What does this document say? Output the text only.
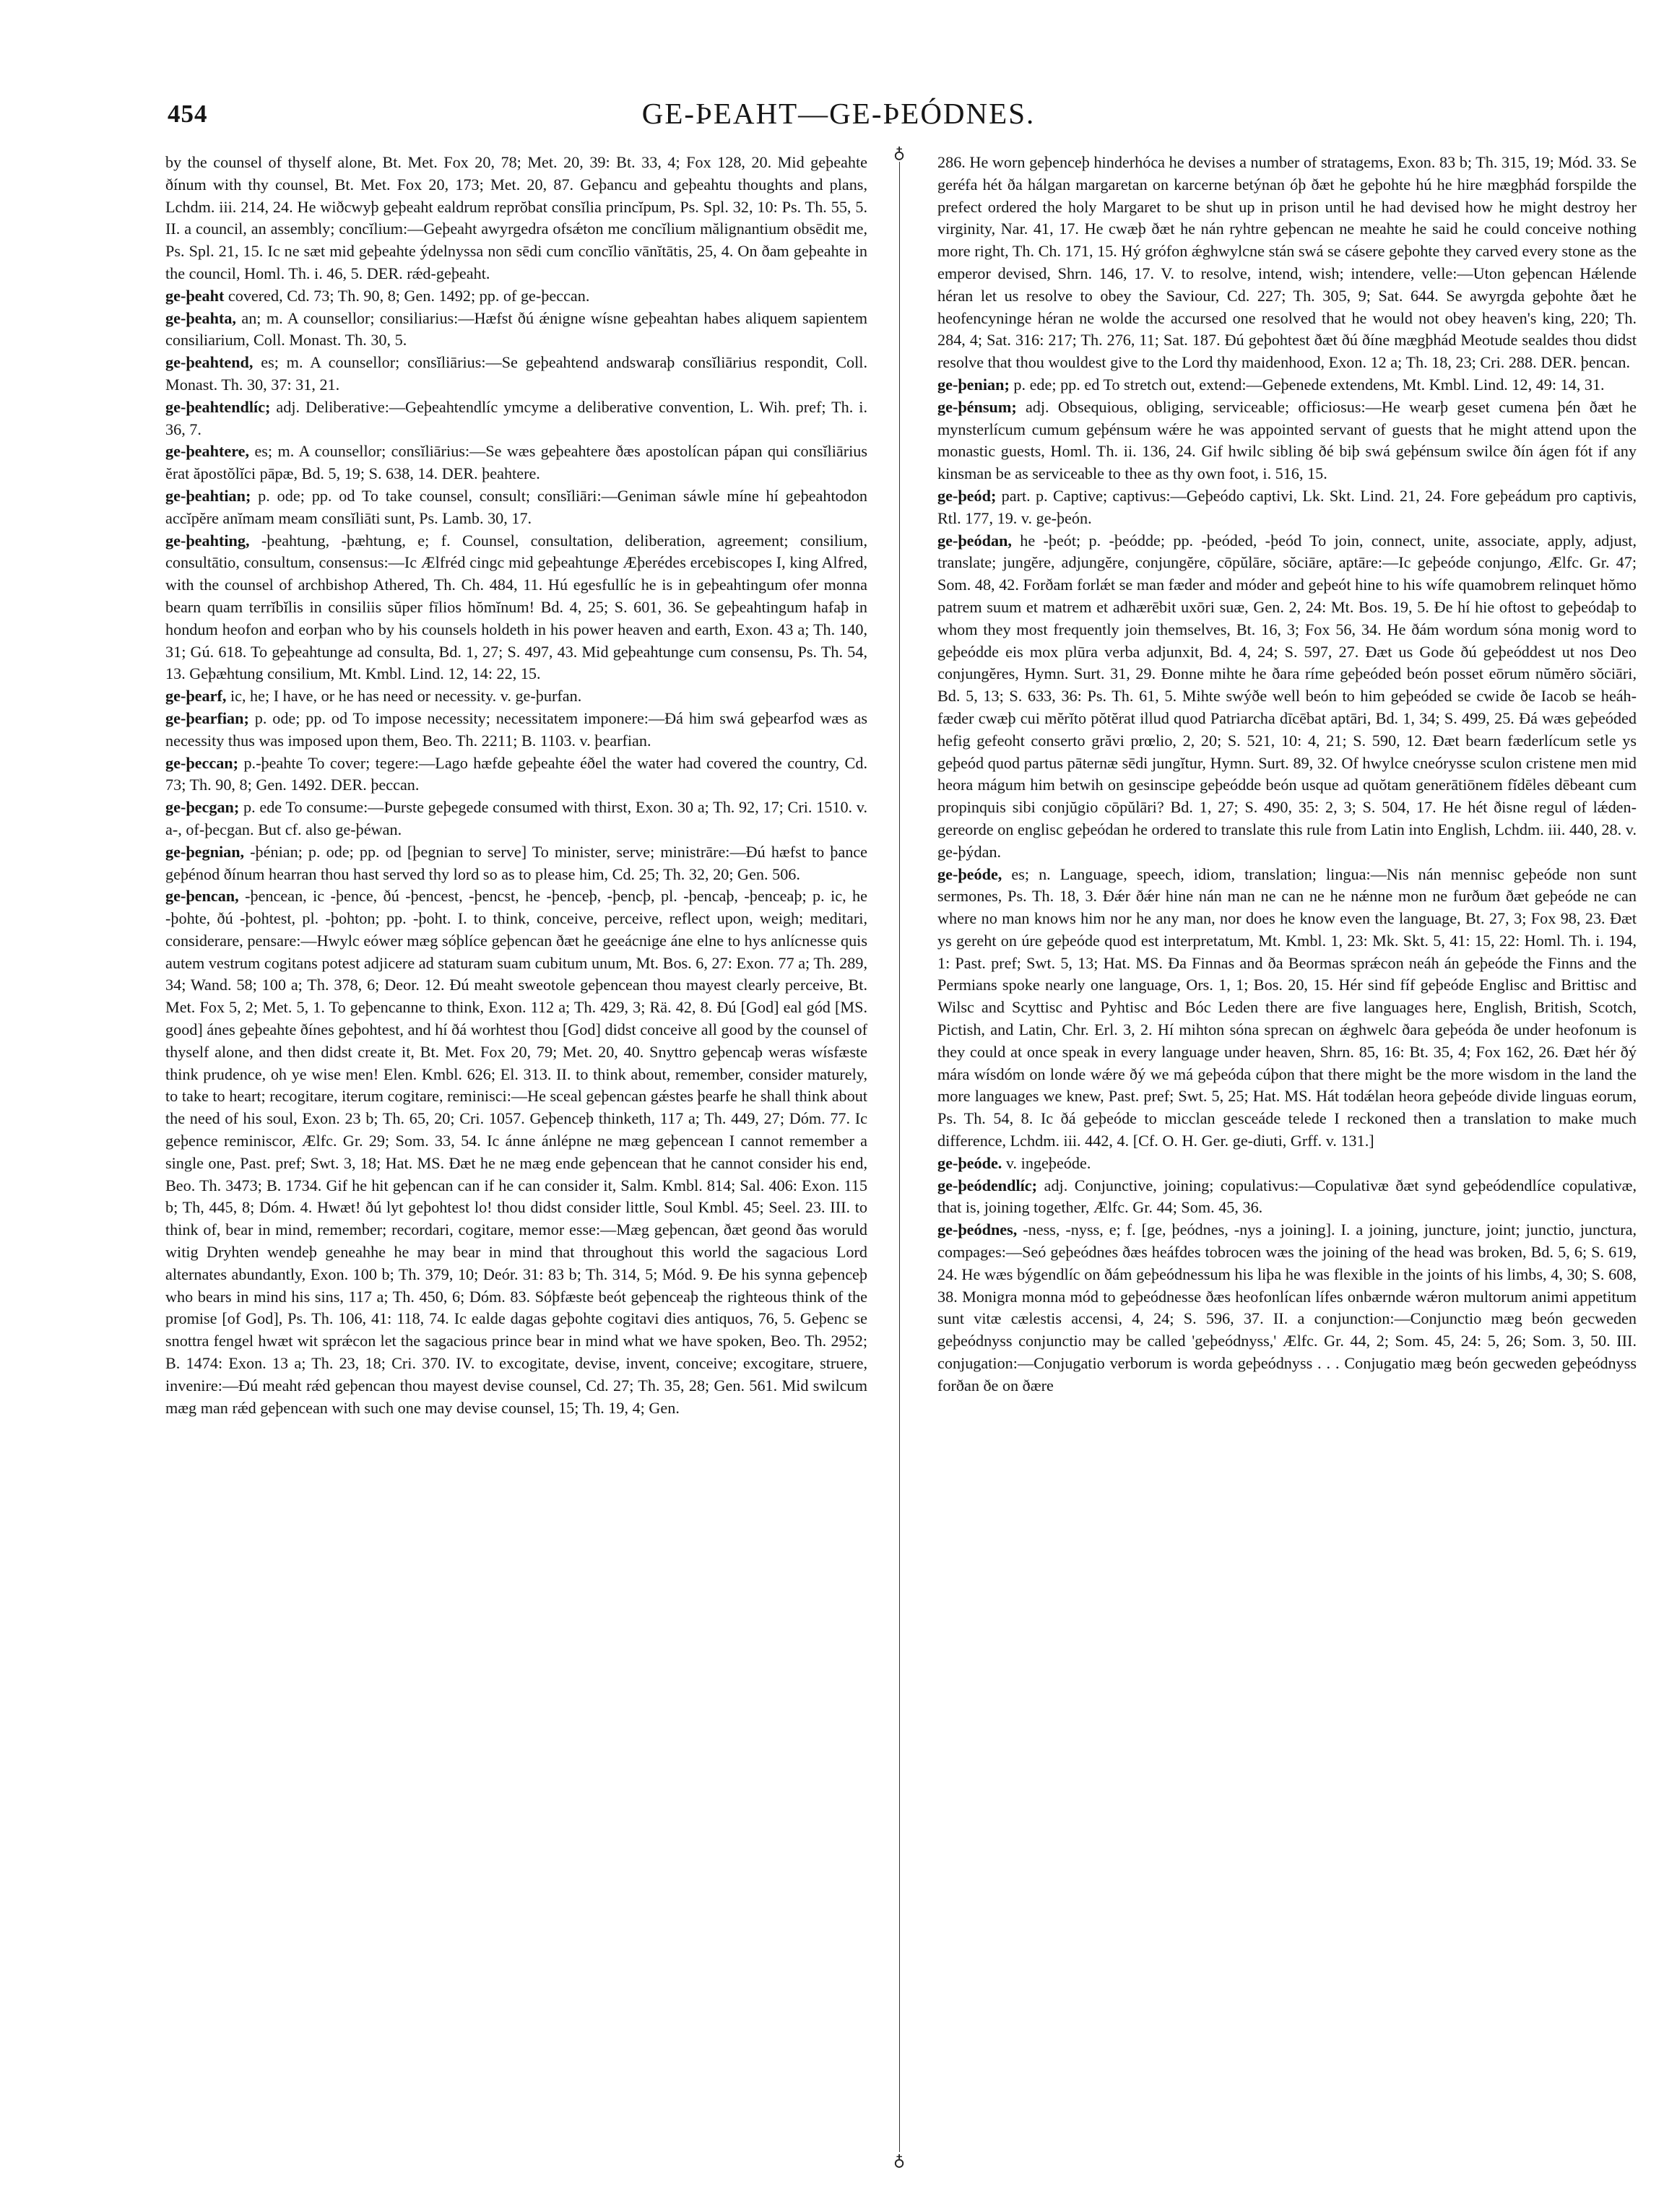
454	GE-ÞEAHT—GE-ÞEÓDNES.
♁
♁

by the counsel of thyself alone, Bt. Met. Fox 20, 78; Met. 20, 39: Bt. 33, 4; Fox 128, 20. Mid geþeahte ðínum with thy counsel, Bt. Met. Fox 20, 173; Met. 20, 87. Geþancu and geþeahtu thoughts and plans, Lchdm. iii. 214, 24. He wiðcwyþ geþeaht ealdrum reprŏbat consĭlia princĭpum, Ps. Spl. 32, 10: Ps. Th. 55, 5. II. a council, an assembly; concĭlium:—Geþeaht awyrgedra ofsǽton me concĭlium mălignantium obsēdit me, Ps. Spl. 21, 15. Ic ne sæt mid geþeahte ýdelnyssa non sēdi cum concĭlio vānĭtātis, 25, 4. On ðam geþeahte in the council, Homl. Th. i. 46, 5. DER. rǽd-geþeaht.

ge-þeaht covered, Cd. 73; Th. 90, 8; Gen. 1492; pp. of ge-þeccan.

ge-þeahta, an; m. A counsellor; consiliarius:—Hæfst ðú ǽnigne wísne geþeahtan habes aliquem sapientem consiliarium, Coll. Monast. Th. 30, 5.

ge-þeahtend, es; m. A counsellor; consĭliārius:—Se geþeahtend andswaraþ consĭliārius respondit, Coll. Monast. Th. 30, 37: 31, 21.

ge-þeahtendlíc; adj. Deliberative:—Geþeahtendlíc ymcyme a deliberative convention, L. Wih. pref; Th. i. 36, 7.

ge-þeahtere, es; m. A counsellor; consĭliārius:—Se wæs geþeahtere ðæs apostolícan pápan qui consĭliārius ĕrat ăpostŏlĭci pāpæ, Bd. 5, 19; S. 638, 14. DER. þeahtere.

ge-þeahtian; p. ode; pp. od To take counsel, consult; consĭliāri:—Geniman sáwle míne hí geþeahtodon accĭpĕre anĭmam meam consĭliāti sunt, Ps. Lamb. 30, 17.

ge-þeahting, -þeahtung, -þæhtung, e; f. Counsel, consultation, deliberation, agreement; consilium, consultātio, consultum, consensus:—Ic Ælfréd cingc mid geþeahtunge Æþerédes ercebiscopes I, king Alfred, with the counsel of archbishop Athered, Th. Ch. 484, 11. Hú egesfullíc he is in geþeahtingum ofer monna bearn quam terrĭbĭlis in consiliis sŭper fīlios hŏmĭnum! Bd. 4, 25; S. 601, 36. Se geþeahtingum hafaþ in hondum heofon and eorþan who by his counsels holdeth in his power heaven and earth, Exon. 43 a; Th. 140, 31; Gú. 618. To geþeahtunge ad consulta, Bd. 1, 27; S. 497, 43. Mid geþeahtunge cum consensu, Ps. Th. 54, 13. Geþæhtung consilium, Mt. Kmbl. Lind. 12, 14: 22, 15.

ge-þearf, ic, he; I have, or he has need or necessity. v. ge-þurfan.

ge-þearfian; p. ode; pp. od To impose necessity; necessitatem imponere:—Ðá him swá geþearfod wæs as necessity thus was imposed upon them, Beo. Th. 2211; B. 1103. v. þearfian.

ge-þeccan; p.-þeahte To cover; tegere:—Lago hæfde geþeahte éðel the water had covered the country, Cd. 73; Th. 90, 8; Gen. 1492. DER. þeccan.

ge-þecgan; p. ede To consume:—Þurste geþegede consumed with thirst, Exon. 30 a; Th. 92, 17; Cri. 1510. v. a-, of-þecgan. But cf. also ge-þéwan.

ge-þegnian, -þénian; p. ode; pp. od [þegnian to serve] To minister, serve; ministrāre:—Ðú hæfst to þance geþénod ðínum hearran thou hast served thy lord so as to please him, Cd. 25; Th. 32, 20; Gen. 506.

ge-þencan, -þencean, ic -þence, ðú -þencest, -þencst, he -þenceþ, -þencþ, pl. -þencaþ, -þenceaþ; p. ic, he -þohte, ðú -þohtest, pl. -þohton; pp. -þoht. I. to think, conceive, perceive, reflect upon, weigh; meditari, considerare, pensare:—Hwylc eówer mæg sóþlíce geþencan ðæt he geeácnige áne elne to hys anlícnesse quis autem vestrum cogitans potest adjicere ad staturam suam cubitum unum, Mt. Bos. 6, 27: Exon. 77 a; Th. 289, 34; Wand. 58; 100 a; Th. 378, 6; Deor. 12. Ðú meaht sweotole geþencean thou mayest clearly perceive, Bt. Met. Fox 5, 2; Met. 5, 1. To geþencanne to think, Exon. 112 a; Th. 429, 3; Rä. 42, 8. Ðú [God] eal gód [MS. good] ánes geþeahte ðínes geþohtest, and hí ðá worhtest thou [God] didst conceive all good by the counsel of thyself alone, and then didst create it, Bt. Met. Fox 20, 79; Met. 20, 40. Snyttro geþencaþ weras wísfæste think prudence, oh ye wise men! Elen. Kmbl. 626; El. 313. II. to think about, remember, consider maturely, to take to heart; recogitare, iterum cogitare, reminisci:—He sceal geþencan gǽstes þearfe he shall think about the need of his soul, Exon. 23 b; Th. 65, 20; Cri. 1057. Geþenceþ thinketh, 117 a; Th. 449, 27; Dóm. 77. Ic geþence reminiscor, Ælfc. Gr. 29; Som. 33, 54. Ic ánne ánlépne ne mæg geþencean I cannot remember a single one, Past. pref; Swt. 3, 18; Hat. MS. Ðæt he ne mæg ende geþencean that he cannot consider his end, Beo. Th. 3473; B. 1734. Gif he hit geþencan can if he can consider it, Salm. Kmbl. 814; Sal. 406: Exon. 115 b; Th, 445, 8; Dóm. 4. Hwæt! ðú lyt geþohtest lo! thou didst consider little, Soul Kmbl. 45; Seel. 23. III. to think of, bear in mind, remember; recordari, cogitare, memor esse:—Mæg geþencan, ðæt geond ðas woruld witig Dryhten wendeþ geneahhe he may bear in mind that throughout this world the sagacious Lord alternates abundantly, Exon. 100 b; Th. 379, 10; Deór. 31: 83 b; Th. 314, 5; Mód. 9. Ðe his synna geþenceþ who bears in mind his sins, 117 a; Th. 450, 6; Dóm. 83. Sóþfæste beót geþenceaþ the righteous think of the promise [of God], Ps. Th. 106, 41: 118, 74. Ic ealde dagas geþohte cogitavi dies antiquos, 76, 5. Geþenc se snottra fengel hwæt wit sprǽcon let the sagacious prince bear in mind what we have spoken, Beo. Th. 2952; B. 1474: Exon. 13 a; Th. 23, 18; Cri. 370. IV. to excogitate, devise, invent, conceive; excogitare, struere, invenire:—Ðú meaht rǽd geþencan thou mayest devise counsel, Cd. 27; Th. 35, 28; Gen. 561. Mid swilcum mæg man rǽd geþencean with such one may devise counsel, 15; Th. 19, 4; Gen.

286. He worn geþenceþ hinderhóca he devises a number of stratagems, Exon. 83 b; Th. 315, 19; Mód. 33. Se geréfa hét ða hálgan margaretan on karcerne betýnan óþ ðæt he geþohte hú he hire mægþhád forspilde the prefect ordered the holy Margaret to be shut up in prison until he had devised how he might destroy her virginity, Nar. 41, 17. He cwæþ ðæt he nán ryhtre geþencan ne meahte he said he could conceive nothing more right, Th. Ch. 171, 15. Hý grófon ǽghwylcne stán swá se cásere geþohte they carved every stone as the emperor devised, Shrn. 146, 17. V. to resolve, intend, wish; intendere, velle:—Uton geþencan Hǽlende héran let us resolve to obey the Saviour, Cd. 227; Th. 305, 9; Sat. 644. Se awyrgda geþohte ðæt he heofencyninge héran ne wolde the accursed one resolved that he would not obey heaven's king, 220; Th. 284, 4; Sat. 316: 217; Th. 276, 11; Sat. 187. Ðú geþohtest ðæt ðú ðíne mægþhád Meotude sealdes thou didst resolve that thou wouldest give to the Lord thy maidenhood, Exon. 12 a; Th. 18, 23; Cri. 288. DER. þencan.

ge-þenian; p. ede; pp. ed To stretch out, extend:—Geþenede extendens, Mt. Kmbl. Lind. 12, 49: 14, 31.

ge-þénsum; adj. Obsequious, obliging, serviceable; officiosus:—He wearþ geset cumena þén ðæt he mynsterlícum cumum geþénsum wǽre he was appointed servant of guests that he might attend upon the monastic guests, Homl. Th. ii. 136, 24. Gif hwilc sibling ðé biþ swá geþénsum swilce ðín ágen fót if any kinsman be as serviceable to thee as thy own foot, i. 516, 15.

ge-þeód; part. p. Captive; captivus:—Geþeódo captivi, Lk. Skt. Lind. 21, 24. Fore geþeádum pro captivis, Rtl. 177, 19. v. ge-þeón.

ge-þeódan, he -þeót; p. -þeódde; pp. -þeóded, -þeód To join, connect, unite, associate, apply, adjust, translate; jungĕre, adjungĕre, conjungĕre, cōpŭlāre, sŏciāre, aptāre:—Ic geþeóde conjungo, Ælfc. Gr. 47; Som. 48, 42. Forðam forlǽt se man fæder and móder and geþeót hine to his wífe quamobrem relinquet hŏmo patrem suum et matrem et adhærēbit uxōri suæ, Gen. 2, 24: Mt. Bos. 19, 5. Ðe hí hie oftost to geþeódaþ to whom they most frequently join themselves, Bt. 16, 3; Fox 56, 34. He ðám wordum sóna monig word to geþeódde eis mox plūra verba adjunxit, Bd. 4, 24; S. 597, 27. Ðæt us Gode ðú geþeóddest ut nos Deo conjungĕres, Hymn. Surt. 31, 29. Ðonne mihte he ðara ríme geþeóded beón posset eōrum nŭmĕro sŏciāri, Bd. 5, 13; S. 633, 36: Ps. Th. 61, 5. Mihte swýðe well beón to him geþeóded se cwide ðe Iacob se heáh-fæder cwæþ cui mĕrĭto pŏtĕrat illud quod Patriarcha dīcēbat aptāri, Bd. 1, 34; S. 499, 25. Ðá wæs geþeóded hefig gefeoht conserto grăvi prœlio, 2, 20; S. 521, 10: 4, 21; S. 590, 12. Ðæt bearn fæderlícum setle ys geþeód quod partus pāternæ sēdi jungĭtur, Hymn. Surt. 89, 32. Of hwylce cneórysse sculon cristene men mid heora mágum him betwih on gesinscipe geþeódde beón usque ad quŏtam generātiōnem fĭdēles dēbeant cum propinquis sibi conjŭgio cōpŭlāri? Bd. 1, 27; S. 490, 35: 2, 3; S. 504, 17. He hét ðisne regul of lǽden-gereorde on englisc geþeódan he ordered to translate this rule from Latin into English, Lchdm. iii. 440, 28. v. ge-þýdan.

ge-þeóde, es; n. Language, speech, idiom, translation; lingua:—Nis nán mennisc geþeóde non sunt sermones, Ps. Th. 18, 3. Ðǽr ðǽr hine nán man ne can ne he nǽnne mon ne furðum ðæt geþeóde ne can where no man knows him nor he any man, nor does he know even the language, Bt. 27, 3; Fox 98, 23. Ðæt ys gereht on úre geþeóde quod est interpretatum, Mt. Kmbl. 1, 23: Mk. Skt. 5, 41: 15, 22: Homl. Th. i. 194, 1: Past. pref; Swt. 5, 13; Hat. MS. Ða Finnas and ða Beormas sprǽcon neáh án geþeóde the Finns and the Permians spoke nearly one language, Ors. 1, 1; Bos. 20, 15. Hér sind fíf geþeóde Englisc and Brittisc and Wilsc and Scyttisc and Pyhtisc and Bóc Leden there are five languages here, English, British, Scotch, Pictish, and Latin, Chr. Erl. 3, 2. Hí mihton sóna sprecan on ǽghwelc ðara geþeóda ðe under heofonum is they could at once speak in every language under heaven, Shrn. 85, 16: Bt. 35, 4; Fox 162, 26. Ðæt hér ðý mára wísdóm on londe wǽre ðý we má geþeóda cúþon that there might be the more wisdom in the land the more languages we knew, Past. pref; Swt. 5, 25; Hat. MS. Hát todǽlan heora geþeóde divide linguas eorum, Ps. Th. 54, 8. Ic ðá geþeóde to micclan gesceáde telede I reckoned then a translation to make much difference, Lchdm. iii. 442, 4. [Cf. O. H. Ger. ge-diuti, Grff. v. 131.]

ge-þeóde. v. ingeþeóde.

ge-þeódendlíc; adj. Conjunctive, joining; copulativus:—Copulativæ ðæt synd geþeódendlíce copulativæ, that is, joining together, Ælfc. Gr. 44; Som. 45, 36.

ge-þeódnes, -ness, -nyss, e; f. [ge, þeódnes, -nys a joining]. I. a joining, juncture, joint; junctio, junctura, compages:—Seó geþeódnes ðæs heáfdes tobrocen wæs the joining of the head was broken, Bd. 5, 6; S. 619, 24. He wæs býgendlíc on ðám geþeódnessum his liþa he was flexible in the joints of his limbs, 4, 30; S. 608, 38. Monigra monna mód to geþeódnesse ðæs heofonlícan lífes onbærnde wǽron multorum animi appetitum sunt vitæ cælestis accensi, 4, 24; S. 596, 37. II. a conjunction:—Conjunctio mæg beón gecweden geþeódnyss conjunctio may be called 'geþeódnyss,' Ælfc. Gr. 44, 2; Som. 45, 24: 5, 26; Som. 3, 50. III. conjugation:—Conjugatio verborum is worda geþeódnyss . . . Conjugatio mæg beón gecweden geþeódnyss forðan ðe on ðære
